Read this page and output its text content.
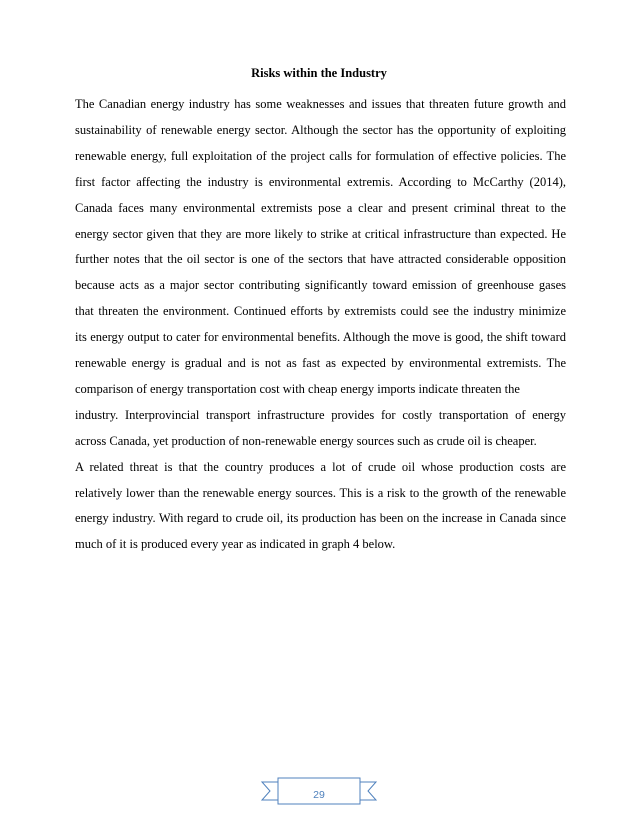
Risks within the Industry
The Canadian energy industry has some weaknesses and issues that threaten future growth and
sustainability of renewable energy sector. Although the sector has the opportunity of exploiting
renewable energy, full exploitation of the project calls for formulation of effective policies. The
first factor affecting the industry is environmental extremis. According to McCarthy (2014),
Canada faces many environmental extremists pose a clear and present criminal threat to the
energy sector given that they are more likely to strike at critical infrastructure than expected. He
further notes that the oil sector is one of the sectors that have attracted considerable opposition
because acts as a major sector contributing significantly toward emission of greenhouse gases
that threaten the environment. Continued efforts by extremists could see the industry minimize
its energy output to cater for environmental benefits. Although the move is good, the shift toward
renewable energy is gradual and is not as fast as expected by environmental extremists. The
comparison of energy transportation cost with cheap energy imports indicate threaten the
industry. Interprovincial transport infrastructure provides for costly transportation of energy
across Canada, yet production of non-renewable energy sources such as crude oil is cheaper.
A related threat is that the country produces a lot of crude oil whose production costs are
relatively lower than the renewable energy sources. This is a risk to the growth of the renewable
energy industry. With regard to crude oil, its production has been on the increase in Canada since
much of it is produced every year as indicated in graph 4 below.
29
